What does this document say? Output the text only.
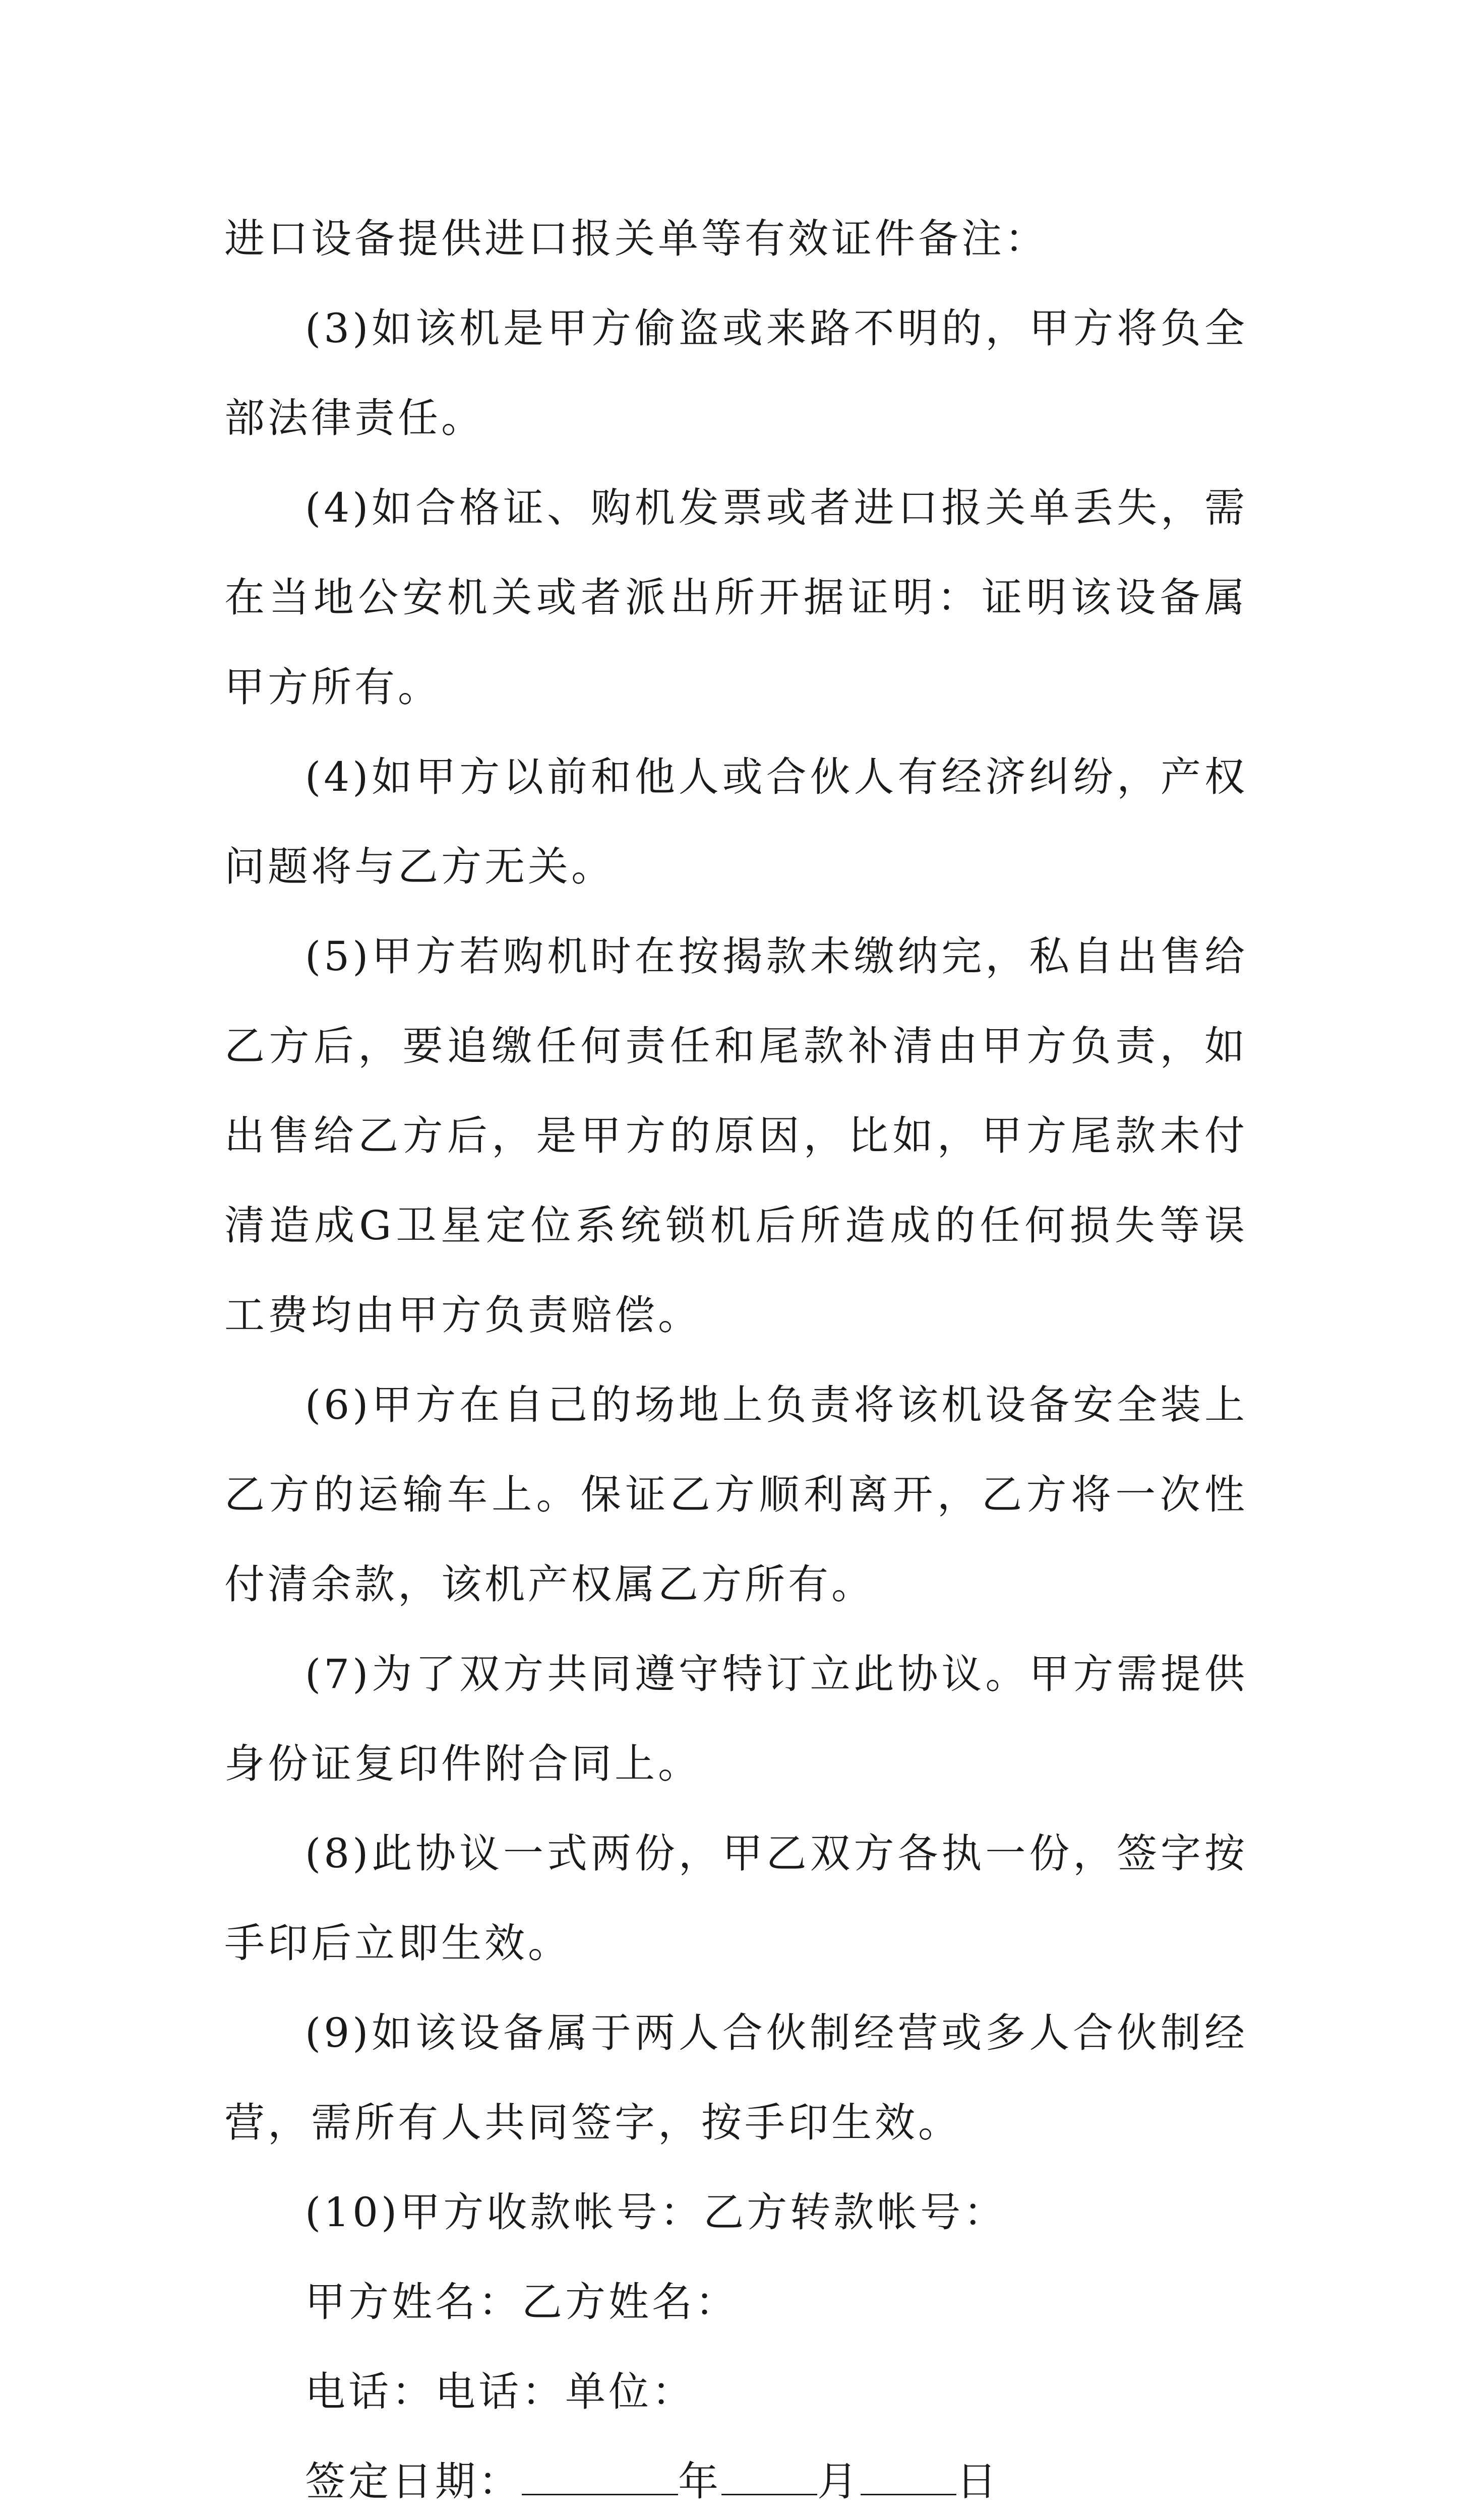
进口设备提供进口报关单等有效证件备注：

(3)如该机是甲方偷盗或来路不明的，甲方将负全部法律责任。

(4)如合格证、购机发票或者进口报关单丢失，需在当地公安机关或者派出所开据证明：证明该设备属甲方所有。

(4)如甲方以前和他人或合伙人有经济纠纷，产权问题将与乙方无关。

(5)甲方若购机时在按揭款未缴纳完，私自出售给乙方后，要追缴任何责任和尾款补清由甲方负责，如出售给乙方后，是甲方的原因，比如，甲方尾款未付清造成G卫星定位系统锁机后所造成的任何损失等误工费均由甲方负责赔偿。

(6)甲方在自己的场地上负责将该机设备安全装上乙方的运输车上。保证乙方顺利离开，乙方将一次性付清余款，该机产权属乙方所有。

(7)为了双方共同遵守特订立此协议。甲方需提供身份证复印件附合同上。

(8)此协议一式两份，甲乙双方各执一份，签字按手印后立即生效。

(9)如该设备属于两人合伙制经营或多人合伙制经营，需所有人共同签字，按手印生效。

(10)甲方收款帐号：乙方转款帐号：

甲方姓名：乙方姓名：

电话：电话：单位：

签定日期：	年 月 日
